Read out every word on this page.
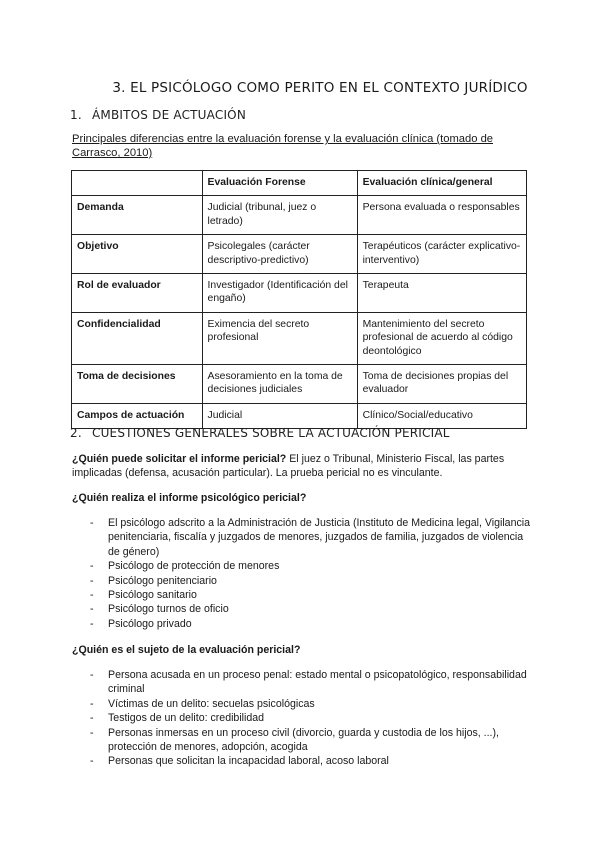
3. EL PSICÓLOGO COMO PERITO EN EL CONTEXTO JURÍDICO
1. ÁMBITOS DE ACTUACIÓN
Principales diferencias entre la evaluación forense y la evaluación clínica (tomado de Carrasco, 2010)
	Evaluación Forense	Evaluación clínica/general
Demanda	Judicial (tribunal, juez o letrado)	Persona evaluada o responsables
Objetivo	Psicolegales (carácter descriptivo-predictivo)	Terapéuticos (carácter explicativo-interventivo)
Rol de evaluador	Investigador (Identificación del engaño)	Terapeuta
Confidencialidad	Eximencia del secreto profesional	Mantenimiento del secreto profesional de acuerdo al código deontológico
Toma de decisiones	Asesoramiento en la toma de decisiones judiciales	Toma de decisiones propias del evaluador
Campos de actuación	Judicial	Clínico/Social/educativo
2. CUESTIONES GENERALES SOBRE LA ACTUACIÓN PERICIAL
¿Quién puede solicitar el informe pericial? El juez o Tribunal, Ministerio Fiscal, las partes implicadas (defensa, acusación particular). La prueba pericial no es vinculante.
¿Quién realiza el informe psicológico pericial?
- El psicólogo adscrito a la Administración de Justicia (Instituto de Medicina legal, Vigilancia penitenciaria, fiscalía y juzgados de menores, juzgados de familia, juzgados de violencia de género)
- Psicólogo de protección de menores
- Psicólogo penitenciario
- Psicólogo sanitario
- Psicólogo turnos de oficio
- Psicólogo privado
¿Quién es el sujeto de la evaluación pericial?
- Persona acusada en un proceso penal: estado mental o psicopatológico, responsabilidad criminal
- Víctimas de un delito: secuelas psicológicas
- Testigos de un delito: credibilidad
- Personas inmersas en un proceso civil (divorcio, guarda y custodia de los hijos, ...), protección de menores, adopción, acogida
- Personas que solicitan la incapacidad laboral, acoso laboral
